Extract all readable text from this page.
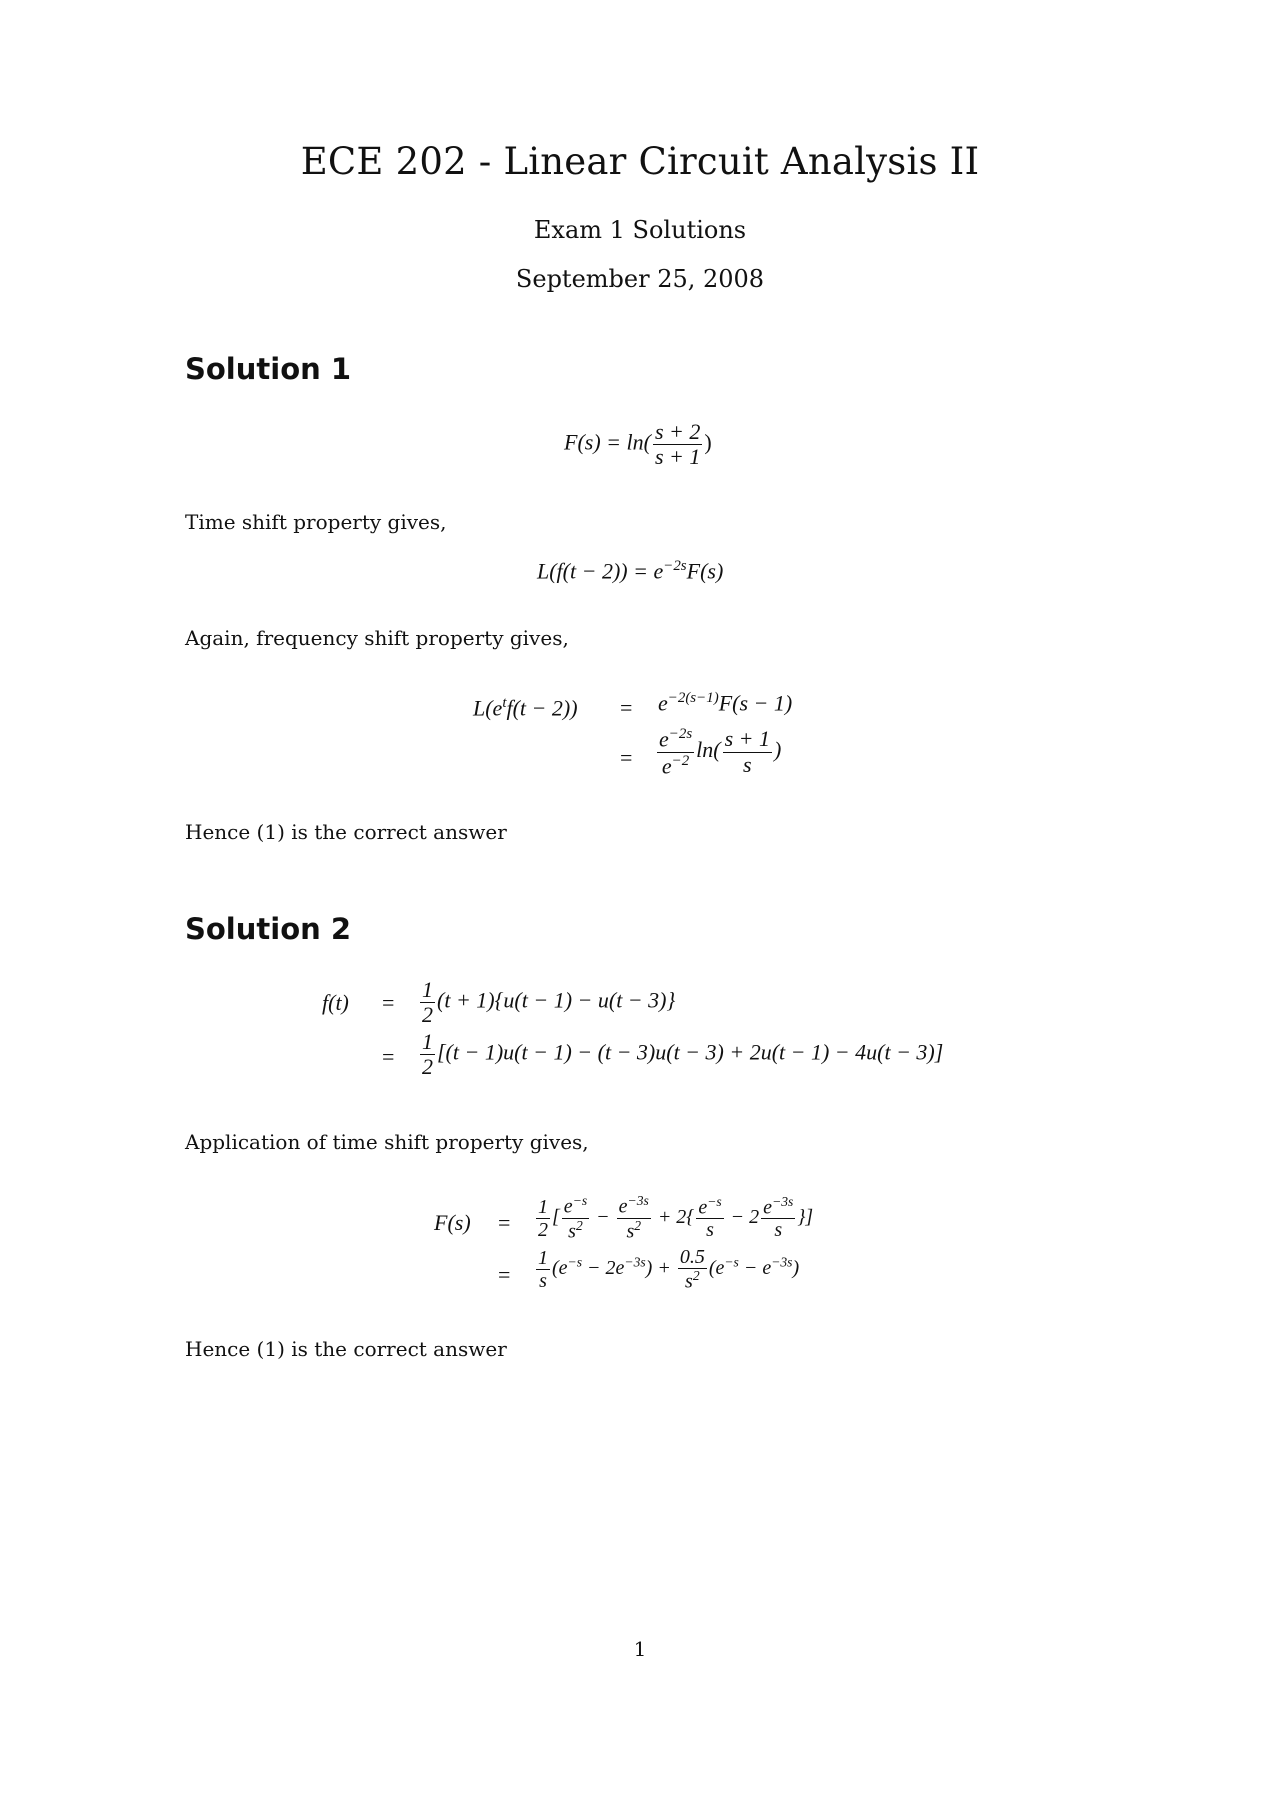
ECE 202 - Linear Circuit Analysis II
Exam 1 Solutions
September 25, 2008
Solution 1
$F(s) = \ln( \frac{s + 2}{s + 1}$ )
Time shift property gives,
$L(f(t - 2)) = e^{-2s}F(s)$
Again, frequency shift property gives,
$L(e^tf(t - 2)) = e^{-2(s-1)}F(s - 1)$
= $\frac{e^{-2s}}{e^{-2}} \ln( \frac{s + 1}{s}$ )
Hence (1) is the correct answer
Solution 2
$f(t) = \frac{1}{2} (t + 1)\{u(t - 1) - u(t - 3)\}$
= $\frac{1}{2} [(t - 1)u(t - 1) - (t - 3)u(t - 3) + 2u(t - 1) - 4u(t - 3)]$
Application of time shift property gives,
$F(s) = \frac{1}{2}$ [ $\frac{e^{-s}}{s^2} - \frac{e^{-3s}}{s^2} + 2\{ \frac{e^{-s}}{s} - 2 \frac{e^{-3s}}{s}$ }]
= $\frac{1}{s} (e^{-s} - 2e^{-3s}) + \frac{0.5}{s^2} (e^{-s} - e^{-3s})$
Hence (1) is the correct answer
1
